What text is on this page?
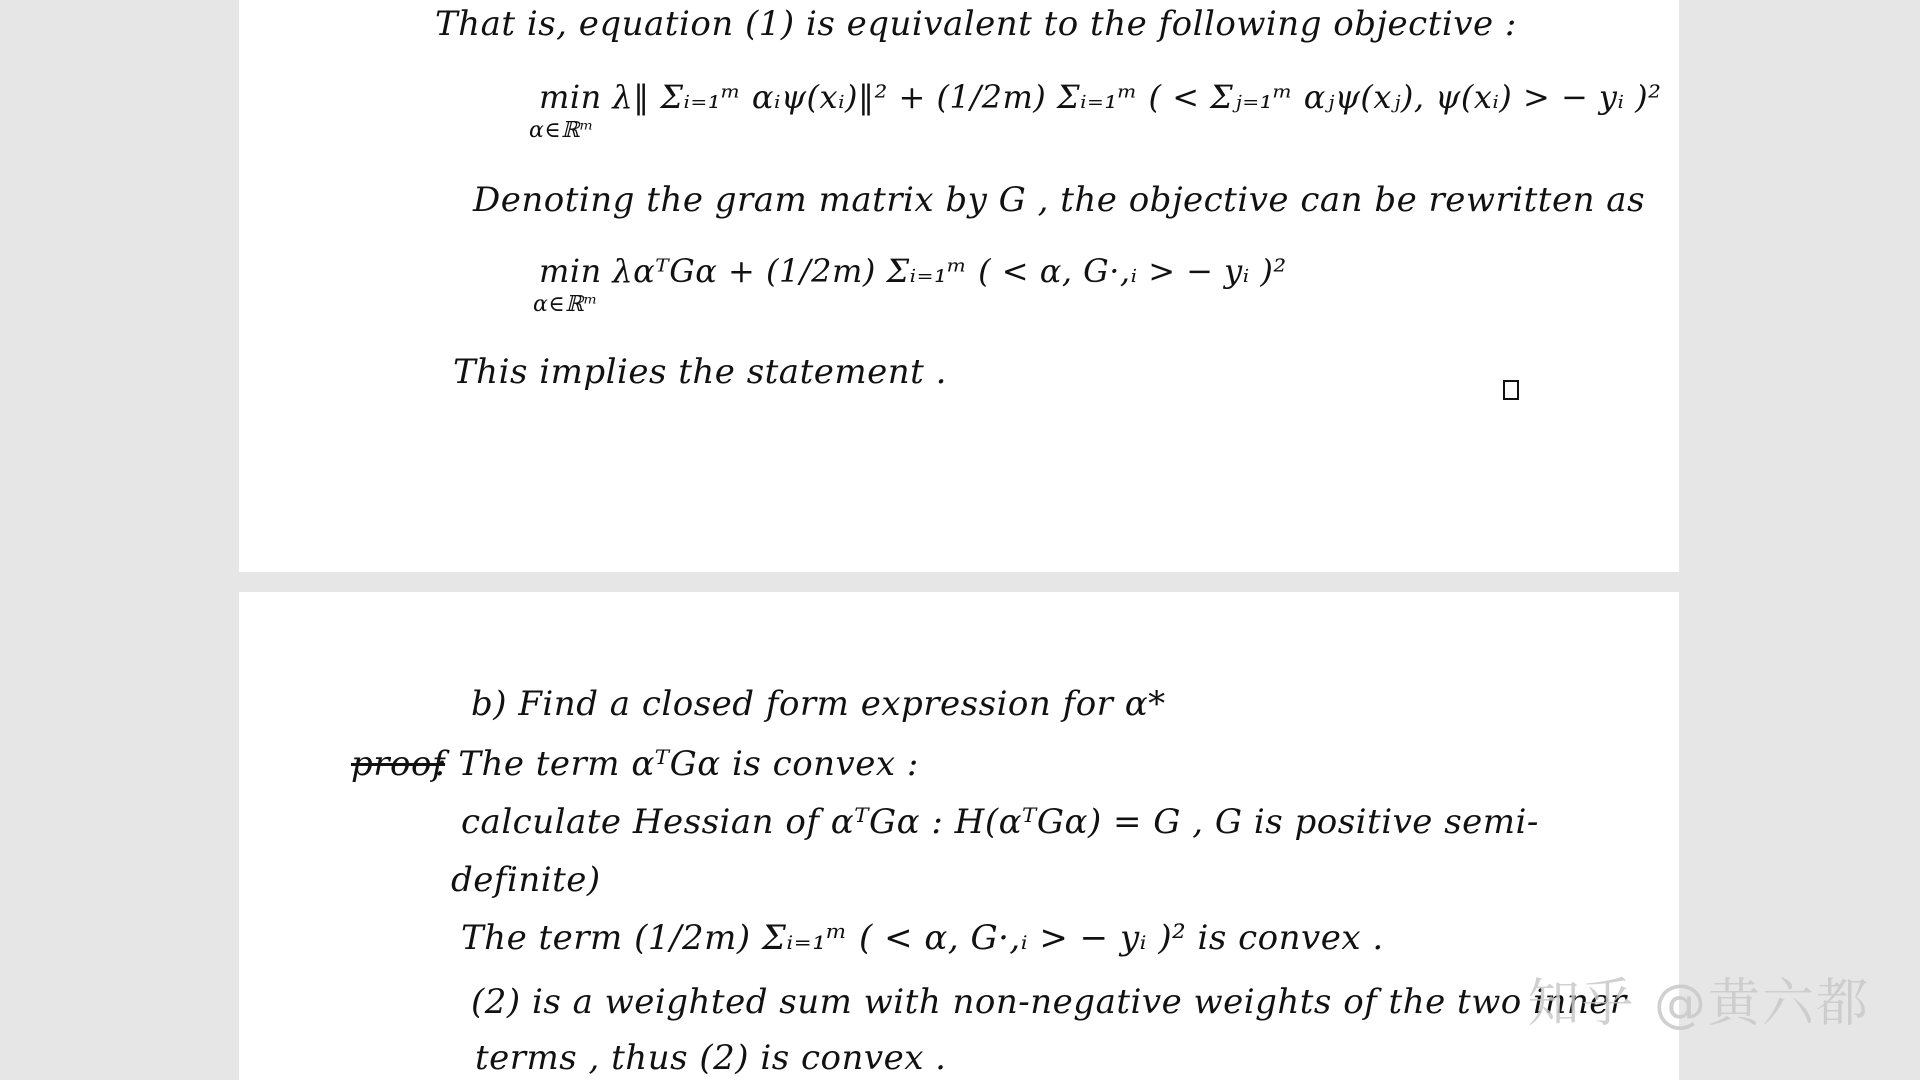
That is, equation (1) is equivalent to the following objective :
min λ‖ Σᵢ₌₁ᵐ αᵢψ(xᵢ)‖² + (1/2m) Σᵢ₌₁ᵐ ( < Σⱼ₌₁ᵐ αⱼψ(xⱼ), ψ(xᵢ) > − yᵢ )²
α∈ℝᵐ
Denoting the gram matrix by G , the objective can be rewritten as
min λαᵀGα + (1/2m) Σᵢ₌₁ᵐ ( < α, G·,ᵢ > − yᵢ )²
α∈ℝᵐ
This implies the statement .
b) Find a closed form expression for α*
proof
: The term αᵀGα is convex :
calculate Hessian of αᵀGα : H(αᵀGα) = G , G is positive semi-
definite)
The term (1/2m) Σᵢ₌₁ᵐ ( < α, G·,ᵢ > − yᵢ )² is convex .
(2) is a weighted sum with non-negative weights of the two inner
terms , thus (2) is convex .
知乎 @黄六都
